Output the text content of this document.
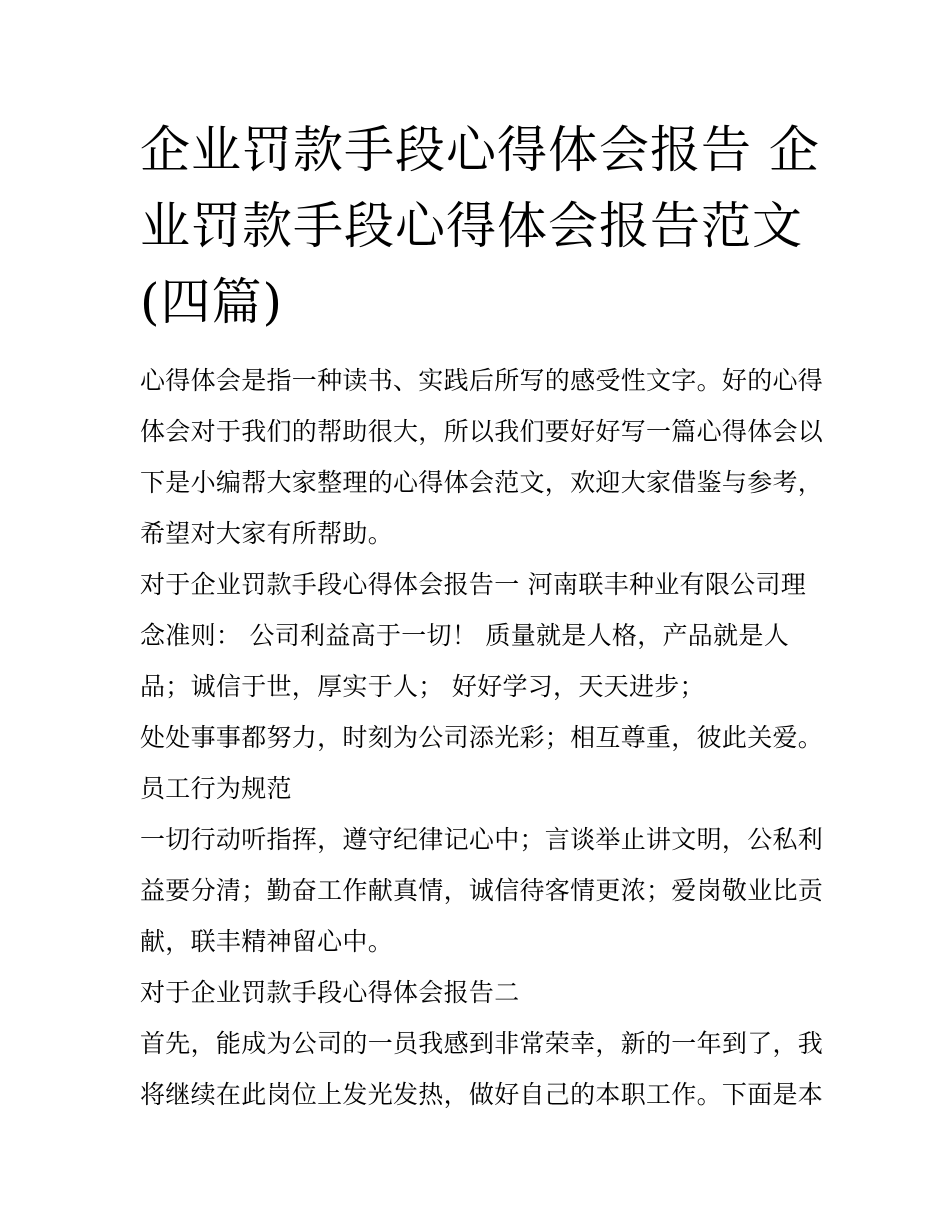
企业罚款手段心得体会报告 企
业罚款手段心得体会报告范文
(四篇)
心得体会是指一种读书、实践后所写的感受性文字。好的心得
体会对于我们的帮助很大，所以我们要好好写一篇心得体会以
下是小编帮大家整理的心得体会范文，欢迎大家借鉴与参考，
希望对大家有所帮助。
对于企业罚款手段心得体会报告一 河南联丰种业有限公司理
念准则： 公司利益高于一切！ 质量就是人格，产品就是人
品；诚信于世，厚实于人； 好好学习，天天进步；
处处事事都努力，时刻为公司添光彩；相互尊重，彼此关爱。
员工行为规范
一切行动听指挥，遵守纪律记心中；言谈举止讲文明，公私利
益要分清；勤奋工作献真情，诚信待客情更浓；爱岗敬业比贡
献，联丰精神留心中。
对于企业罚款手段心得体会报告二
首先，能成为公司的一员我感到非常荣幸，新的一年到了，我
将继续在此岗位上发光发热，做好自己的本职工作。下面是本
